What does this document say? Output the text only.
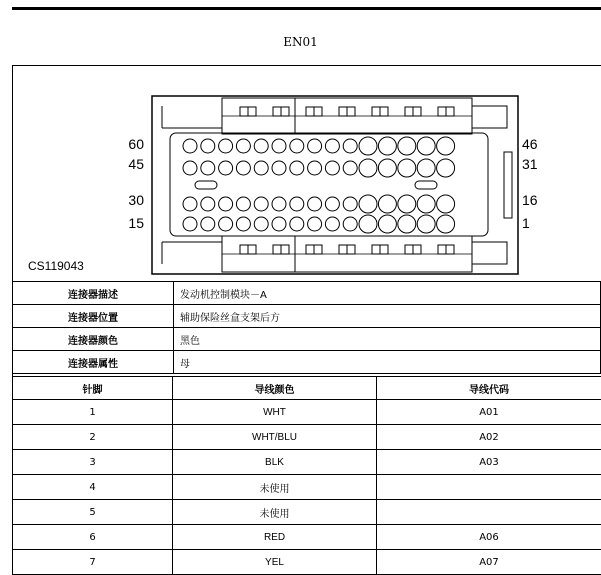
EN01
60
45
30
15
46
31
16
1
CS119043
连接器描述	发动机控制模块－A
连接器位置	辅助保险丝盒支架后方
连接器颜色	黑色
连接器属性	母
针脚	导线颜色	导线代码
1	WHT	A01
2	WHT/BLU	A02
3	BLK	A03
4	未使用	
5	未使用	
6	RED	A06
7	YEL	A07
